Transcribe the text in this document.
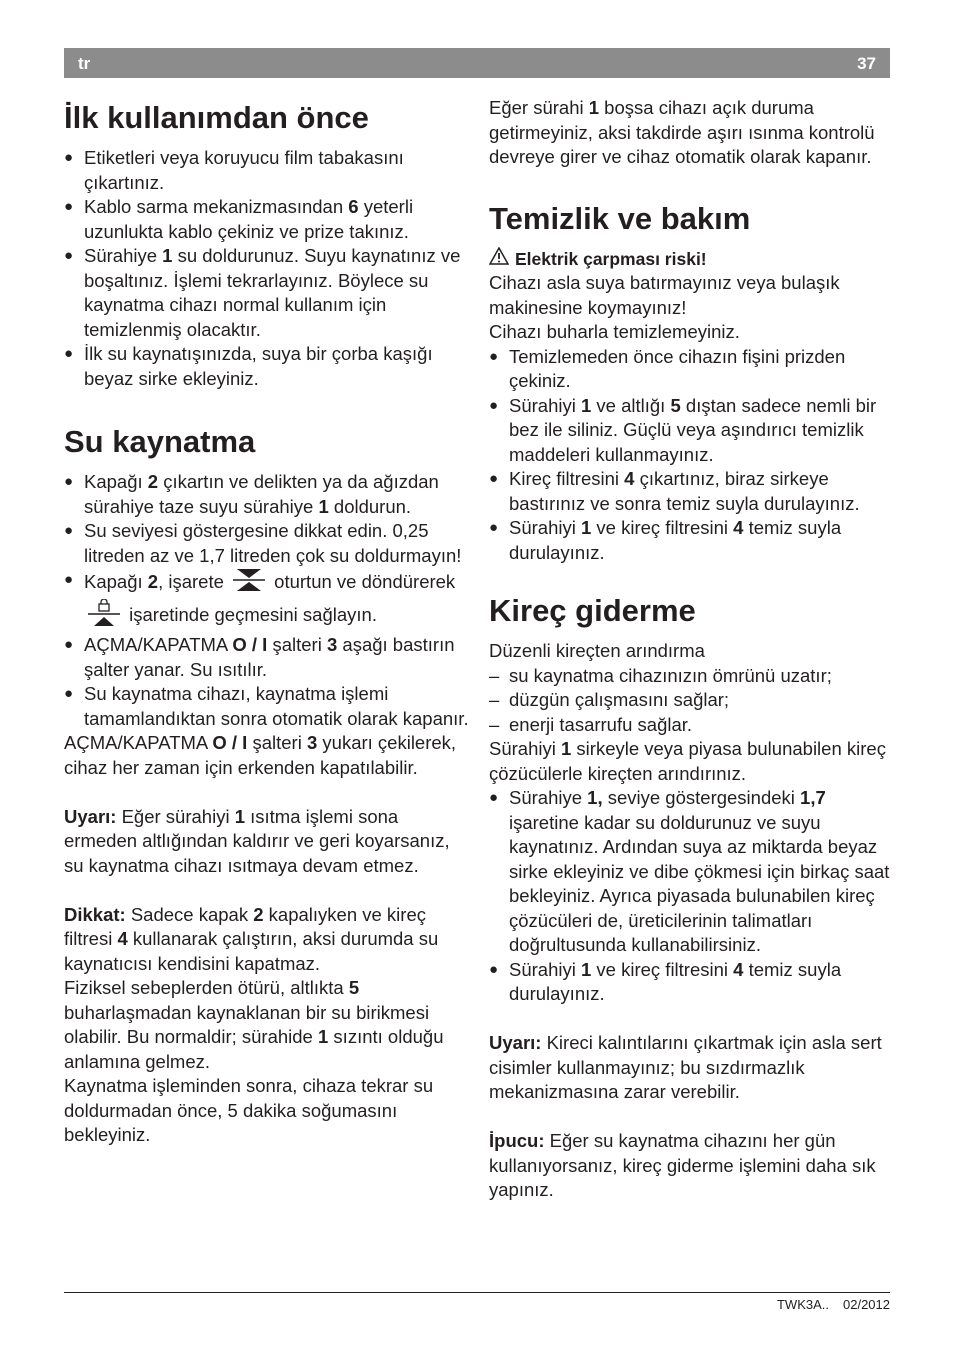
tr	37
İlk kullanımdan önce
● Etiketleri veya koruyucu film tabakasını çıkartınız.
● Kablo sarma mekanizmasından 6 yeterli uzunlukta kablo çekiniz ve prize takınız.
● Sürahiye 1 su doldurunuz. Suyu kaynatınız ve boşaltınız. İşlemi tekrarlayınız. Böylece su kaynatma cihazı normal kullanım için temizlenmiş olacaktır.
● İlk su kaynatışınızda, suya bir çorba kaşığı beyaz sirke ekleyiniz.
Su kaynatma
● Kapağı 2 çıkartın ve delikten ya da ağızdan sürahiye taze suyu sürahiye 1 doldurun.
● Su seviyesi göstergesine dikkat edin. 0,25 litreden az ve 1,7 litreden çok su doldurmayın!
● Kapağı 2, işarete  oturtun ve döndürerek  işaretinde geçmesini sağlayın.
● AÇMA/KAPATMA O / I şalteri 3 aşağı bastırın şalter yanar. Su ısıtılır.
● Su kaynatma cihazı, kaynatma işlemi tamamlandıktan sonra otomatik olarak kapanır.

AÇMA/KAPATMA O / I şalteri 3 yukarı çekilerek, cihaz her zaman için erkenden kapatılabilir.

Uyarı: Eğer sürahiyi 1 ısıtma işlemi sona ermeden altlığından kaldırır ve geri koyarsanız, su kaynatma cihazı ısıtmaya devam etmez.

Dikkat: Sadece kapak 2 kapalıyken ve kireç filtresi 4 kullanarak çalıştırın, aksi durumda su kaynatıcısı kendisini kapatmaz.

Fiziksel sebeplerden ötürü, altlıkta 5 buharlaşmadan kaynaklanan bir su birikmesi olabilir. Bu normaldir; sürahide 1 sızıntı olduğu anlamına gelmez.

Kaynatma işleminden sonra, cihaza tekrar su doldurmadan önce, 5 dakika soğumasını bekleyiniz.

Eğer sürahi 1 boşsa cihazı açık duruma getirmeyiniz, aksi takdirde aşırı ısınma kontrolü devreye girer ve cihaz otomatik olarak kapanır.

Temizlik ve bakım
Elektrik çarpması riski!

Cihazı asla suya batırmayınız veya bulaşık makinesine koymayınız!

Cihazı buharla temizlemeyiniz.

● Temizlemeden önce cihazın fişini prizden çekiniz.
● Sürahiyi 1 ve altlığı 5 dıştan sadece nemli bir bez ile siliniz. Güçlü veya aşındırıcı temizlik maddeleri kullanmayınız.
● Kireç filtresini 4 çıkartınız, biraz sirkeye bastırınız ve sonra temiz suyla durulayınız.
● Sürahiyi 1 ve kireç filtresini 4 temiz suyla durulayınız.
Kireç giderme

Düzenli kireçten arındırma

– su kaynatma cihazınızın ömrünü uzatır;
– düzgün çalışmasını sağlar;
– enerji tasarrufu sağlar.

Sürahiyi 1 sirkeyle veya piyasa bulunabilen kireç çözücülerle kireçten arındırınız.

● Sürahiye 1, seviye göstergesindeki 1,7 işaretine kadar su doldurunuz ve suyu kaynatınız. Ardından suya az miktarda beyaz sirke ekleyiniz ve dibe çökmesi için birkaç saat bekleyiniz. Ayrıca piyasada bulunabilen kireç çözücüleri de, üreticilerinin talimatları doğrultusunda kullanabilirsiniz.
● Sürahiyi 1 ve kireç filtresini 4 temiz suyla durulayınız.

Uyarı: Kireci kalıntılarını çıkartmak için asla sert cisimler kullanmayınız; bu sızdırmazlık mekanizmasına zarar verebilir.

İpucu: Eğer su kaynatma cihazını her gün kullanıyorsanız, kireç giderme işlemini daha sık yapınız.

TWK3A.. 02/2012
